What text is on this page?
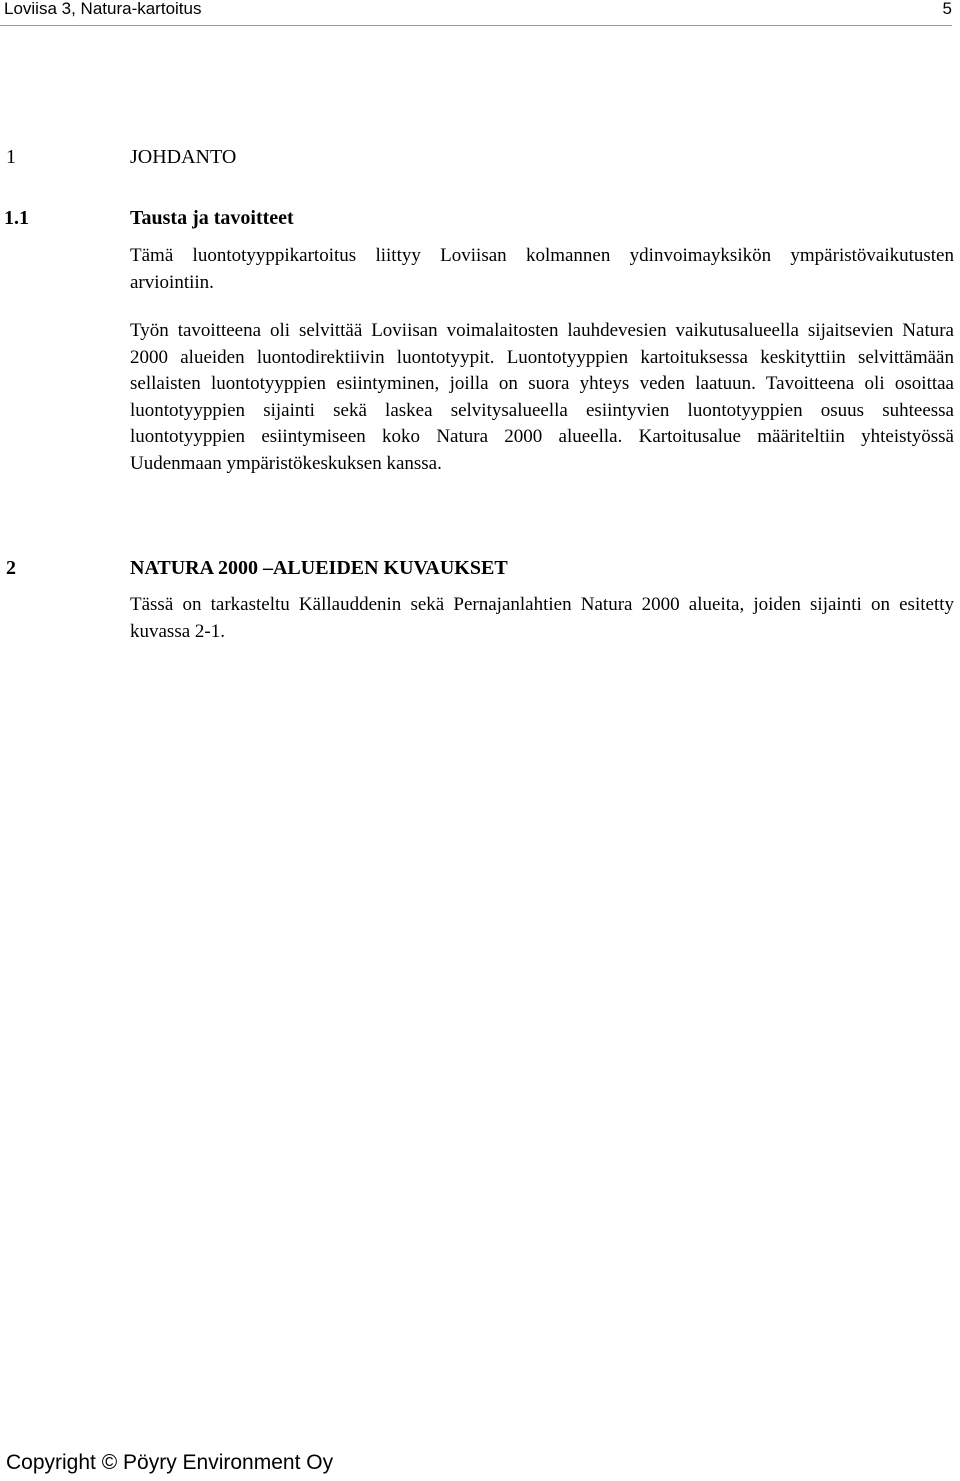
Loviisa 3, Natura-kartoitus	5
1	JOHDANTO
1.1	Tausta ja tavoitteet

Tämä luontotyyppikartoitus liittyy Loviisan kolmannen ydinvoimayksikön ympäristövaikutusten arviointiin.

Työn tavoitteena oli selvittää Loviisan voimalaitosten lauhdevesien vaikutusalueella sijaitsevien Natura 2000 alueiden luontodirektiivin luontotyypit. Luontotyyppien kartoituksessa keskityttiin selvittämään sellaisten luontotyyppien esiintyminen, joilla on suora yhteys veden laatuun. Tavoitteena oli osoittaa luontotyyppien sijainti sekä laskea selvitysalueella esiintyvien luontotyyppien osuus suhteessa luontotyyppien esiintymiseen koko Natura 2000 alueella. Kartoitusalue määriteltiin yhteistyössä Uudenmaan ympäristökeskuksen kanssa.

2	NATURA 2000 –ALUEIDEN KUVAUKSET

Tässä on tarkasteltu Källauddenin sekä Pernajanlahtien Natura 2000 alueita, joiden sijainti on esitetty kuvassa 2-1.

Copyright © Pöyry Environment Oy
